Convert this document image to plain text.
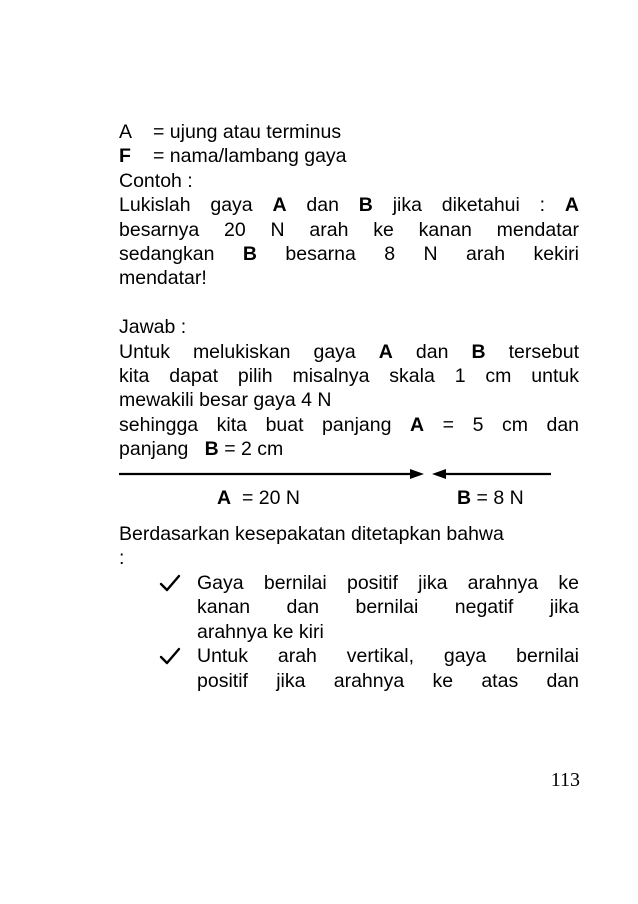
A = ujung atau terminus
F = nama/lambang gaya
Contoh :
Lukislah gaya A dan B jika diketahui : A
besarnya 20 N arah ke kanan mendatar
sedangkan B besarna 8 N arah kekiri
mendatar!
Jawab :
Untuk melukiskan gaya A dan B tersebut
kita dapat pilih misalnya skala 1 cm untuk
mewakili besar gaya 4 N
sehingga kita buat panjang A = 5 cm dan
panjang B = 2 cm
A = 20 N	B = 8 N
Berdasarkan kesepakatan ditetapkan bahwa
:
Gaya bernilai positif jika arahnya ke
kanan dan bernilai negatif jika
arahnya ke kiri
Untuk arah vertikal, gaya bernilai
positif jika arahnya ke atas dan
113
